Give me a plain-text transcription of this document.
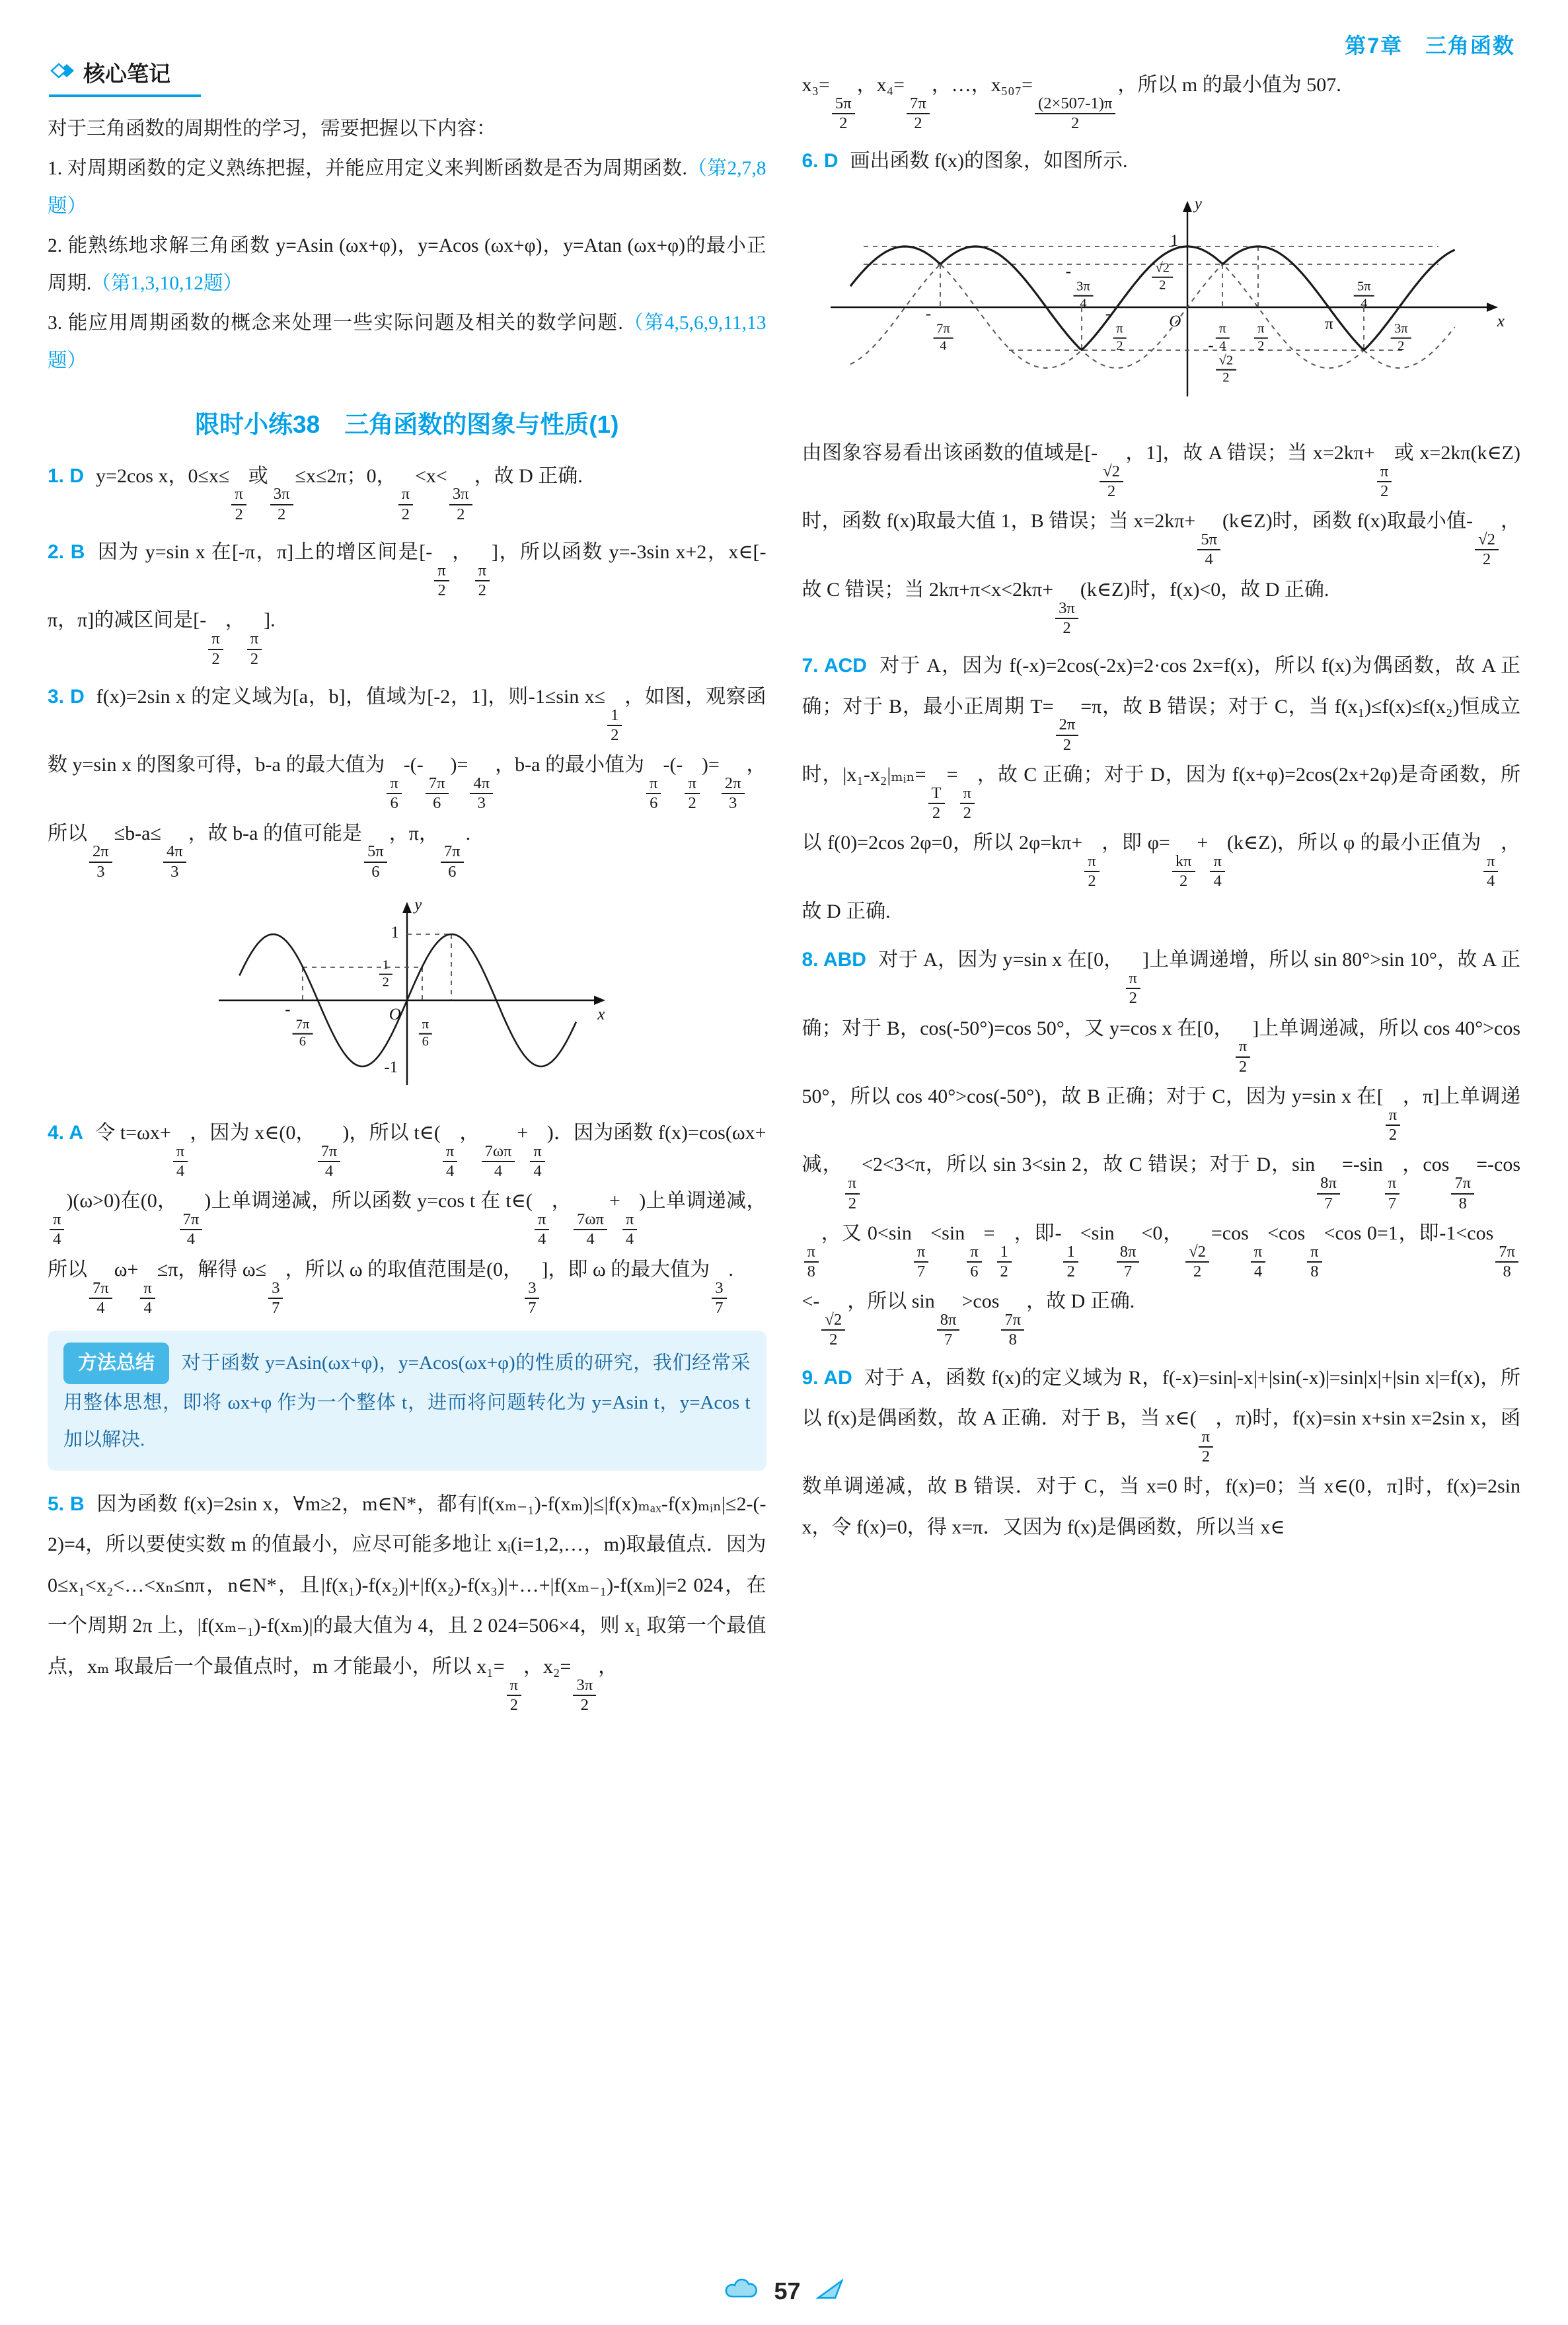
第7章　三角函数
核心笔记
对于三角函数的周期性的学习，需要把握以下内容：
1. 对周期函数的定义熟练把握，并能应用定义来判断函数是否为周期函数.（第2,7,8题）
2. 能熟练地求解三角函数 y=Asin (ωx+φ)，y=Acos (ωx+φ)，y=Atan (ωx+φ)的最小正周期.（第1,3,10,12题）
3. 能应用周期函数的概念来处理一些实际问题及相关的数学问题.（第4,5,6,9,11,13题）
限时小练38　三角函数的图象与性质(1)

1. D y=2cos x，0≤x≤
$\frac{\pi}{2}$
或
$\frac{3\pi}{2}$
≤x≤2π；0，
$\frac{\pi}{2}$
<x<
$\frac{3\pi}{2}$
，故 D 正确.

2. B 因为 y=sin x 在[-π，π]上的增区间是[-
$\frac{\pi}{2}$
，
$\frac{\pi}{2}$
]，所以函数 y=-3sin x+2，x∈[-π，π]的减区间是[-
$\frac{\pi}{2}$
，
$\frac{\pi}{2}$
].

3. D f(x)=2sin x 的定义域为[a，b]，值域为[-2，1]，则-1≤sin x≤
$\frac{1}{2}$
，如图，观察函数 y=sin x 的图象可得，b-a 的最大值为
$\frac{\pi}{6}$
-(-
$\frac{7\pi}{6}$
)=
$\frac{4\pi}{3}$
，b-a 的最小值为
$\frac{\pi}{6}$
-(-
$\frac{\pi}{2}$
)=
$\frac{2\pi}{3}$
，所以
$\frac{2\pi}{3}$
≤b-a≤
$\frac{4\pi}{3}$
，故 b-a 的值可能是
$\frac{5\pi}{6}$
，π，
$\frac{7\pi}{6}$
.

y
1
$\frac{1}{2}$
-
$\frac{7\pi}{6}$
O
$\frac{\pi}{6}$
x
-1

4. A 令 t=ωx+
$\frac{\pi}{4}$
，因为 x∈(0，
$\frac{7\pi}{4}$
)，所以 t∈(
$\frac{\pi}{4}$
，
$\frac{7\omega\pi}{4}$
+
$\frac{\pi}{4}$
)．因为函数 f(x)=cos(ωx+
$\frac{\pi}{4}$
)(ω>0)在(0，
$\frac{7\pi}{4}$
)上单调递减，所以函数 y=cos t 在 t∈(
$\frac{\pi}{4}$
，
$\frac{7\omega\pi}{4}$
+
$\frac{\pi}{4}$
)上单调递减，所以
$\frac{7\pi}{4}$
ω+
$\frac{\pi}{4}$
≤π，解得 ω≤
$\frac{3}{7}$
，所以 ω 的取值范围是(0，
$\frac{3}{7}$
]，即 ω 的最大值为
$\frac{3}{7}$
.

方法总结 对于函数 y=Asin(ωx+φ)，y=Acos(ωx+φ)的性质的研究，我们经常采用整体思想，即将 ωx+φ 作为一个整体 t，进而将问题转化为 y=Asin t，y=Acos t 加以解决.

5. B 因为函数 f(x)=2sin x，∀m≥2，m∈N*，都有|f(xₘ₋₁)-f(xₘ)|≤|f(x)ₘₐₓ-f(x)ₘᵢₙ|≤2-(-2)=4，所以要使实数 m 的值最小，应尽可能多地让 xᵢ(i=1,2,…，m)取最值点．因为 0≤x₁<x₂<…<xₙ≤nπ，n∈N*，且|f(x₁)-f(x₂)|+|f(x₂)-f(x₃)|+…+|f(xₘ₋₁)-f(xₘ)|=2 024，在一个周期 2π 上，|f(xₘ₋₁)-f(xₘ)|的最大值为 4，且 2 024=506×4，则 x₁ 取第一个最值点，xₘ 取最后一个最值点时，m 才能最小，所以 x₁=
$\frac{\pi}{2}$
，x₂=
$\frac{3\pi}{2}$
，

x₃=
$\frac{5\pi}{2}$
，x₄=
$\frac{7\pi}{2}$
，…，x₅₀₇=
$\frac{(2\times 507-1)\pi}{2}$
，所以 m 的最小值为 507.

6. D 画出函数 f(x)的图象，如图所示.

y
1
$\frac{√2}{2}$
-
$\frac{√2}{2}$
-
$\frac{7\pi}{4}$
-
$\frac{3\pi}{4}$
-
$\frac{\pi}{2}$
O
$\frac{\pi}{4} \frac{\pi}{2}$	π
$\frac{5\pi}{4}$
$\frac{3\pi}{2}$
x

由图象容易看出该函数的值域是[-
$\frac{√2}{2}$
，1]，故 A 错误；当 x=2kπ+
$\frac{\pi}{2}$
或 x=2kπ(k∈Z)时，函数 f(x)取最大值 1，B 错误；当 x=2kπ+
$\frac{5\pi}{4}$
(k∈Z)时，函数 f(x)取最小值-
$\frac{√2}{2}$
，故 C 错误；当 2kπ+π<x<2kπ+
$\frac{3\pi}{2}$
(k∈Z)时，f(x)<0，故 D 正确.

7. ACD 对于 A，因为 f(-x)=2cos(-2x)=2·cos 2x=f(x)，所以 f(x)为偶函数，故 A 正确；对于 B，最小正周期 T=
$\frac{2\pi}{2}$
=π，故 B 错误；对于 C，当 f(x₁)≤f(x)≤f(x₂)恒成立时，|x₁-x₂|ₘᵢₙ=
$\frac{T}{2}$
=
$\frac{\pi}{2}$
，故 C 正确；对于 D，因为 f(x+φ)=2cos(2x+2φ)是奇函数，所以 f(0)=2cos 2φ=0，所以 2φ=kπ+
$\frac{\pi}{2}$
，即 φ=
$\frac{k\pi}{2}$
+
$\frac{\pi}{4}$
(k∈Z)，所以 φ 的最小正值为
$\frac{\pi}{4}$
，故 D 正确.

8. ABD 对于 A，因为 y=sin x 在[0，
$\frac{\pi}{2}$
]上单调递增，所以 sin 80°>sin 10°，故 A 正确；对于 B，cos(-50°)=cos 50°，又 y=cos x 在[0，
$\frac{\pi}{2}$
]上单调递减，所以 cos 40°>cos 50°，所以 cos 40°>cos(-50°)，故 B 正确；对于 C，因为 y=sin x 在[
$\frac{\pi}{2}$
，π]上单调递减，
$\frac{\pi}{2}$
<2<3<π，所以 sin 3<sin 2，故 C 错误；对于 D，sin
$\frac{8\pi}{7}$
=-sin
$\frac{\pi}{7}$
，cos
$\frac{7\pi}{8}$
=-cos
$\frac{\pi}{8}$
，又 0<sin
$\frac{\pi}{7}$
<sin
$\frac{\pi}{6}$
=
$\frac{1}{2}$
，即-
$\frac{1}{2}$
<sin
$\frac{8\pi}{7}$
<0，
$\frac{√2}{2}$
=cos
$\frac{\pi}{4}$
<cos
$\frac{\pi}{8}$
<cos 0=1，即-1<cos
$\frac{7\pi}{8}$
<-
$\frac{√2}{2}$
，所以 sin
$\frac{8\pi}{7}$
>cos
$\frac{7\pi}{8}$
，故 D 正确.

9. AD 对于 A，函数 f(x)的定义域为 R，f(-x)=sin|-x|+|sin(-x)|=sin|x|+|sin x|=f(x)，所以 f(x)是偶函数，故 A 正确．对于 B，当 x∈(
$\frac{\pi}{2}$
，π)时，f(x)=sin x+sin x=2sin x，函数单调递减，故 B 错误．对于 C，当 x=0 时，f(x)=0；当 x∈(0，π]时，f(x)=2sin x，令 f(x)=0，得 x=π．又因为 f(x)是偶函数，所以当 x∈

57
